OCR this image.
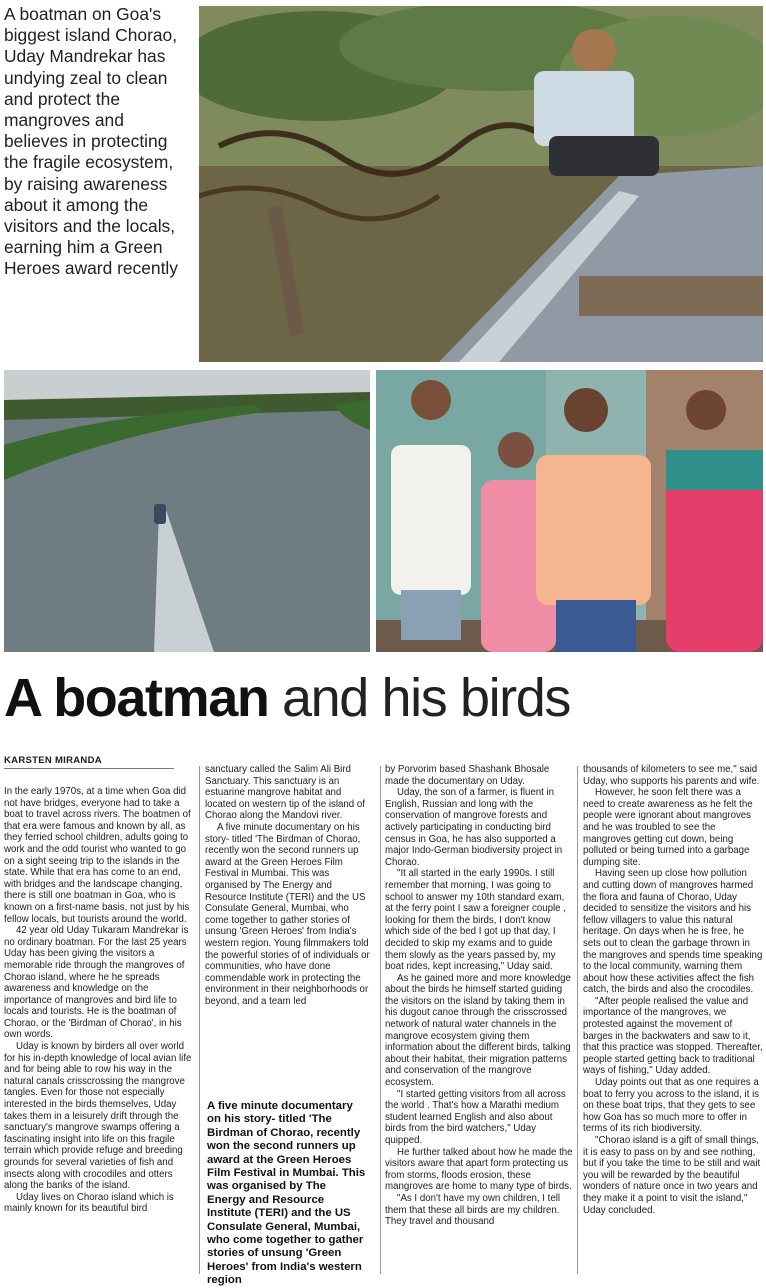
A boatman on Goa's biggest island Chorao, Uday Mandrekar has undying zeal to clean and protect the mangroves and believes in protecting the fragile ecosystem, by raising awareness about it among the visitors and the locals, earning him a Green Heroes award recently
A boatman and his birds
KARSTEN MIRANDA

In the early 1970s, at a time when Goa did not have bridges, everyone had to take a boat to travel across rivers. The boatmen of that era were famous and known by all, as they ferried school children, adults going to work and the odd tourist who wanted to go on a sight seeing trip to the islands in the state. While that era has come to an end, with bridges and the landscape changing, there is still one boatman in Goa, who is known on a first-name basis, not just by his fellow locals, but tourists around the world.

42 year old Uday Tukaram Mandrekar is no ordinary boatman. For the last 25 years Uday has been giving the visitors a memorable ride through the mangroves of Chorao island, where he he spreads awareness and knowledge on the importance of mangroves and bird life to locals and tourists. He is the boatman of Chorao, or the 'Birdman of Chorao', in his own words.

Uday is known by birders all over world for his in-depth knowledge of local avian life and for being able to row his way in the natural canals crisscrossing the mangrove tangles. Even for those not especially interested in the birds themselves, Uday takes them in a leisurely drift through the sanctuary's mangrove swamps offering a fascinating insight into life on this fragile terrain which provide refuge and breeding grounds for several varieties of fish and insects along with crocodiles and otters along the banks of the island.

Uday lives on Chorao island which is mainly known for its beautiful bird

sanctuary called the Salim Ali Bird Sanctuary. This sanctuary is an estuarine mangrove habitat and located on western tip of the island of Chorao along the Mandovi river.

A five minute documentary on his story- titled 'The Birdman of Chorao, recently won the second runners up award at the Green Heroes Film Festival in Mumbai. This was organised by The Energy and Resource Institute (TERI) and the US Consulate General, Mumbai, who come together to gather stories of unsung 'Green Heroes' from India's western region. Young filmmakers told the powerful stories of of individuals or communities, who have done commendable work in protecting the environment in their neighborhoods or beyond, and a team led

A five minute documentary on his story- titled 'The Birdman of Chorao, recently won the second runners up award at the Green Heroes Film Festival in Mumbai. This was organised by The Energy and Resource Institute (TERI) and the US Consulate General, Mumbai, who come together to gather stories of unsung 'Green Heroes' from India's western region

by Porvorim based Shashank Bhosale made the documentary on Uday.

Uday, the son of a farmer, is fluent in English, Russian and long with the conservation of mangrove forests and actively participating in conducting bird census in Goa, he has also supported a major Indo-German biodiversity project in Chorao.

"It all started in the early 1990s. I still remember that morning, I was going to school to answer my 10th standard exam, at the ferry point I saw a foreigner couple , looking for them the birds, I don't know which side of the bed I got up that day, I decided to skip my exams and to guide them slowly as the years passed by, my boat rides, kept increasing," Uday said.

As he gained more and more knowledge about the birds he himself started guiding the visitors on the island by taking them in his dugout canoe through the crisscrossed network of natural water channels in the mangrove ecosystem giving them information about the different birds, talking about their habitat, their migration patterns and conservation of the mangrove ecosystem.

"I started getting visitors from all across the world . That's how a Marathi medium student learned English and also about birds from the bird watchers," Uday quipped.

He further talked about how he made the visitors aware that apart form protecting us from storms, floods erosion, these mangroves are home to many type of birds.

"As I don't have my own children, I tell them that these all birds are my children. They travel and thousand

thousands of kilometers to see me," said Uday, who supports his parents and wife.

However, he soon felt there was a need to create awareness as he felt the people were ignorant about mangroves and he was troubled to see the mangroves getting cut down, being polluted or being turned into a garbage dumping site.

Having seen up close how pollution and cutting down of mangroves harmed the flora and fauna of Chorao, Uday decided to sensitize the visitors and his fellow villagers to value this natural heritage. On days when he is free, he sets out to clean the garbage thrown in the mangroves and spends time speaking to the local community, warning them about how these activities affect the fish catch, the birds and also the crocodiles.

"After people realised the value and importance of the mangroves, we protested against the movement of barges in the backwaters and saw to it, that this practice was stopped. Thereafter, people started getting back to traditional ways of fishing," Uday added.

Uday points out that as one requires a boat to ferry you across to the island, it is on these boat trips, that they gets to see how Goa has so much more to offer in terms of its rich biodiversity.

"Chorao island is a gift of small things, it is easy to pass on by and see nothing, but if you take the time to be still and wait you will be rewarded by the beautiful wonders of nature once in two years and they make it a point to visit the island," Uday concluded.
